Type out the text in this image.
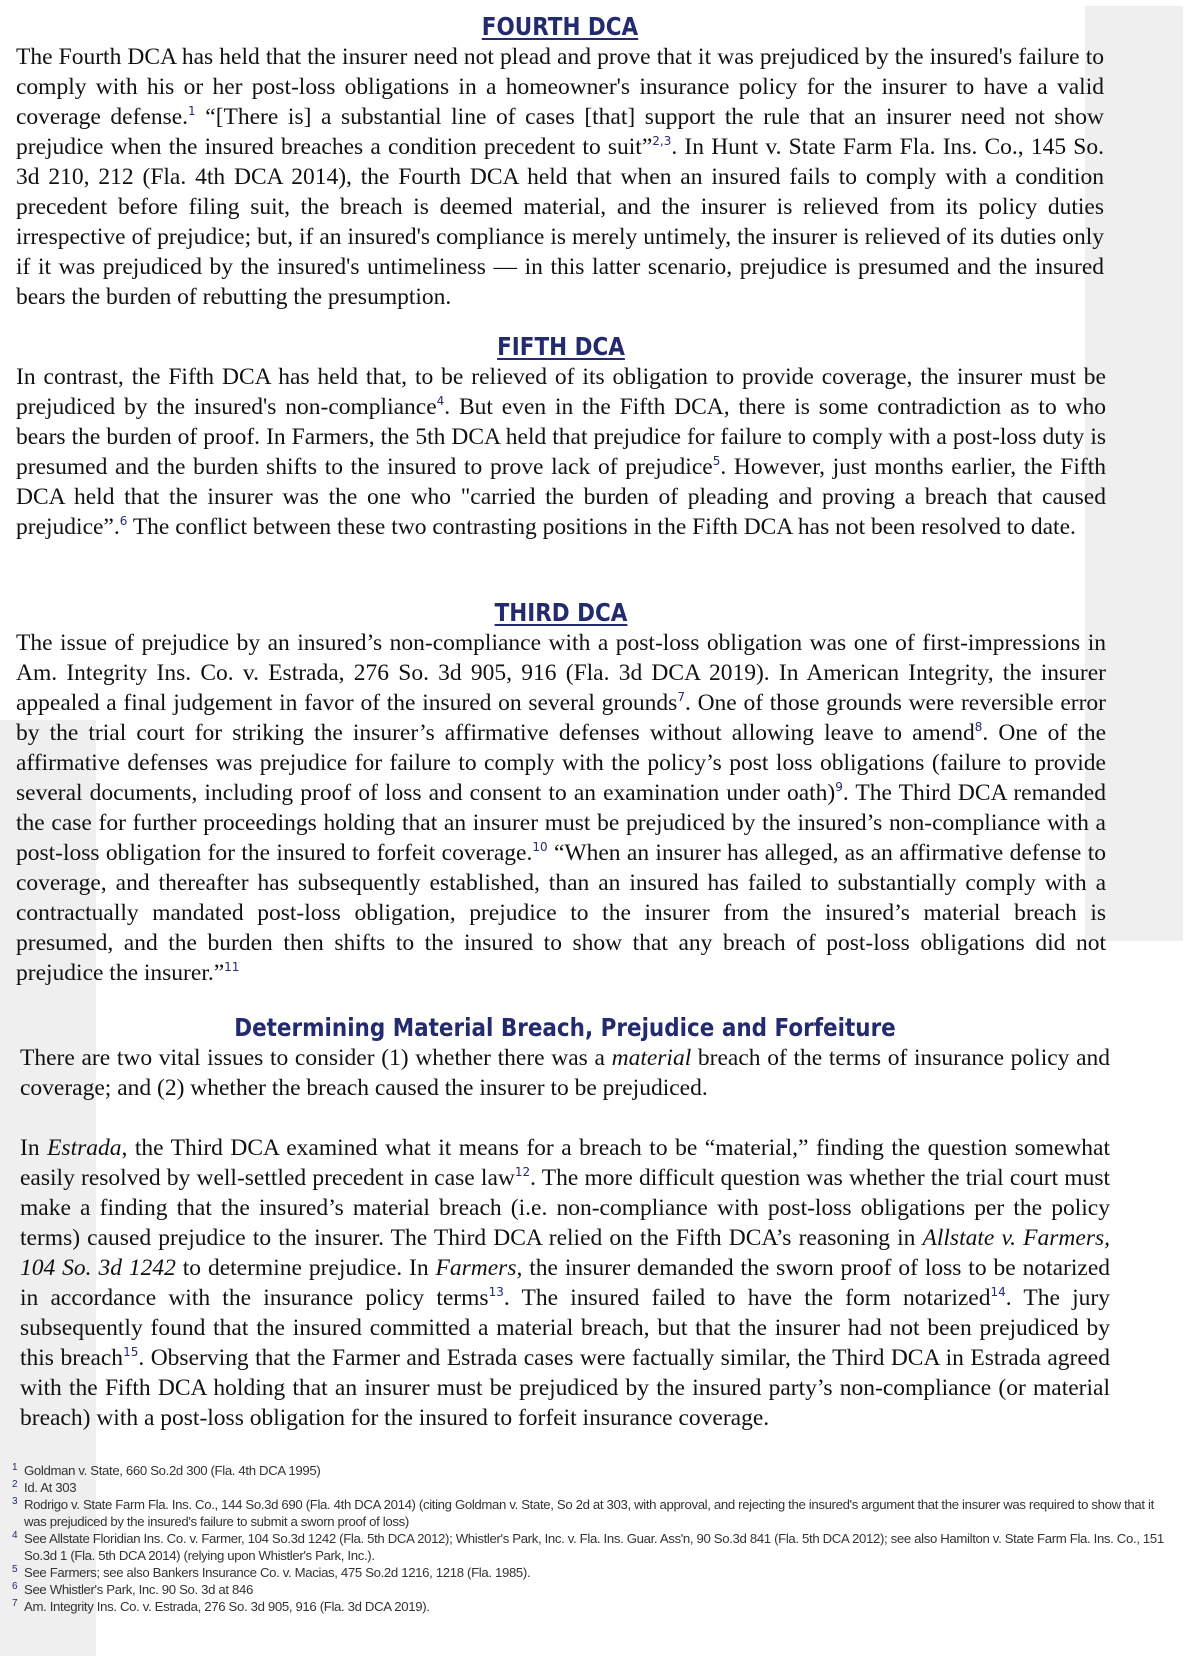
FOURTH DCA

The Fourth DCA has held that the insurer need not plead and prove that it was prejudiced by the insured's failure to comply with his or her post-loss obligations in a homeowner's insurance policy for the insurer to have a valid coverage defense.$^1$ “[There is] a substantial line of cases [that] support the rule that an insurer need not show prejudice when the insured breaches a condition precedent to suit”$^{2,3}$. In Hunt v. State Farm Fla. Ins. Co., 145 So. 3d 210, 212 (Fla. 4th DCA 2014), the Fourth DCA held that when an insured fails to comply with a condition precedent before filing suit, the breach is deemed material, and the insurer is relieved from its policy duties irrespective of prejudice; but, if an insured's compliance is merely untimely, the insurer is relieved of its duties only if it was prejudiced by the insured's untimeliness — in this latter scenario, prejudice is presumed and the insured bears the burden of rebutting the presumption.

FIFTH DCA

In contrast, the Fifth DCA has held that, to be relieved of its obligation to provide coverage, the insurer must be prejudiced by the insured's non-compliance$^4$. But even in the Fifth DCA, there is some contradiction as to who bears the burden of proof. In Farmers, the 5th DCA held that prejudice for failure to comply with a post-loss duty is presumed and the burden shifts to the insured to prove lack of prejudice$^5$. However, just months earlier, the Fifth DCA held that the insurer was the one who "carried the burden of pleading and proving a breach that caused prejudice”.$^6$ The conflict between these two contrasting positions in the Fifth DCA has not been resolved to date.

THIRD DCA

The issue of prejudice by an insured’s non-compliance with a post-loss obligation was one of first-impressions in Am. Integrity Ins. Co. v. Estrada, 276 So. 3d 905, 916 (Fla. 3d DCA 2019). In American Integrity, the insurer appealed a final judgement in favor of the insured on several grounds$^7$. One of those grounds were reversible error by the trial court for striking the insurer’s affirmative defenses without allowing leave to amend$^8$. One of the affirmative defenses was prejudice for failure to comply with the policy’s post loss obligations (failure to provide several documents, including proof of loss and consent to an examination under oath)$^9$. The Third DCA remanded the case for further proceedings holding that an insurer must be prejudiced by the insured’s non-compliance with a post-loss obligation for the insured to forfeit coverage.$^{10}$ “When an insurer has alleged, as an affirmative defense to coverage, and thereafter has subsequently established, than an insured has failed to substantially comply with a contractually mandated post-loss obligation, prejudice to the insurer from the insured’s material breach is presumed, and the burden then shifts to the insured to show that any breach of post-loss obligations did not prejudice the insurer.”$^{11}$

Determining Material Breach, Prejudice and Forfeiture

There are two vital issues to consider (1) whether there was a material breach of the terms of insurance policy and coverage; and (2) whether the breach caused the insurer to be prejudiced.

In Estrada, the Third DCA examined what it means for a breach to be “material,” finding the question somewhat easily resolved by well-settled precedent in case law$^{12}$. The more difficult question was whether the trial court must make a finding that the insured’s material breach (i.e. non-compliance with post-loss obligations per the policy terms) caused prejudice to the insurer. The Third DCA relied on the Fifth DCA’s reasoning in Allstate v. Farmers, 104 So. 3d 1242 to determine prejudice. In Farmers, the insurer demanded the sworn proof of loss to be notarized in accordance with the insurance policy terms$^{13}$. The insured failed to have the form notarized$^{14}$. The jury subsequently found that the insured committed a material breach, but that the insurer had not been prejudiced by this breach$^{15}$. Observing that the Farmer and Estrada cases were factually similar, the Third DCA in Estrada agreed with the Fifth DCA holding that an insurer must be prejudiced by the insured party’s non-compliance (or material breach) with a post-loss obligation for the insured to forfeit insurance coverage.

1 Goldman v. State, 660 So.2d 300 (Fla. 4th DCA 1995)
2 Id. At 303
3 Rodrigo v. State Farm Fla. Ins. Co., 144 So.3d 690 (Fla. 4th DCA 2014) (citing Goldman v. State, So 2d at 303, with approval, and rejecting the insured's argument that the insurer was required to show that it was prejudiced by the insured's failure to submit a sworn proof of loss)
4 See Allstate Floridian Ins. Co. v. Farmer, 104 So.3d 1242 (Fla. 5th DCA 2012); Whistler's Park, Inc. v. Fla. Ins. Guar. Ass'n, 90 So.3d 841 (Fla. 5th DCA 2012); see also Hamilton v. State Farm Fla. Ins. Co., 151 So.3d 1 (Fla. 5th DCA 2014) (relying upon Whistler's Park, Inc.).
5 See Farmers; see also Bankers Insurance Co. v. Macias, 475 So.2d 1216, 1218 (Fla. 1985).
6 See Whistler's Park, Inc. 90 So. 3d at 846
7 Am. Integrity Ins. Co. v. Estrada, 276 So. 3d 905, 916 (Fla. 3d DCA 2019).
